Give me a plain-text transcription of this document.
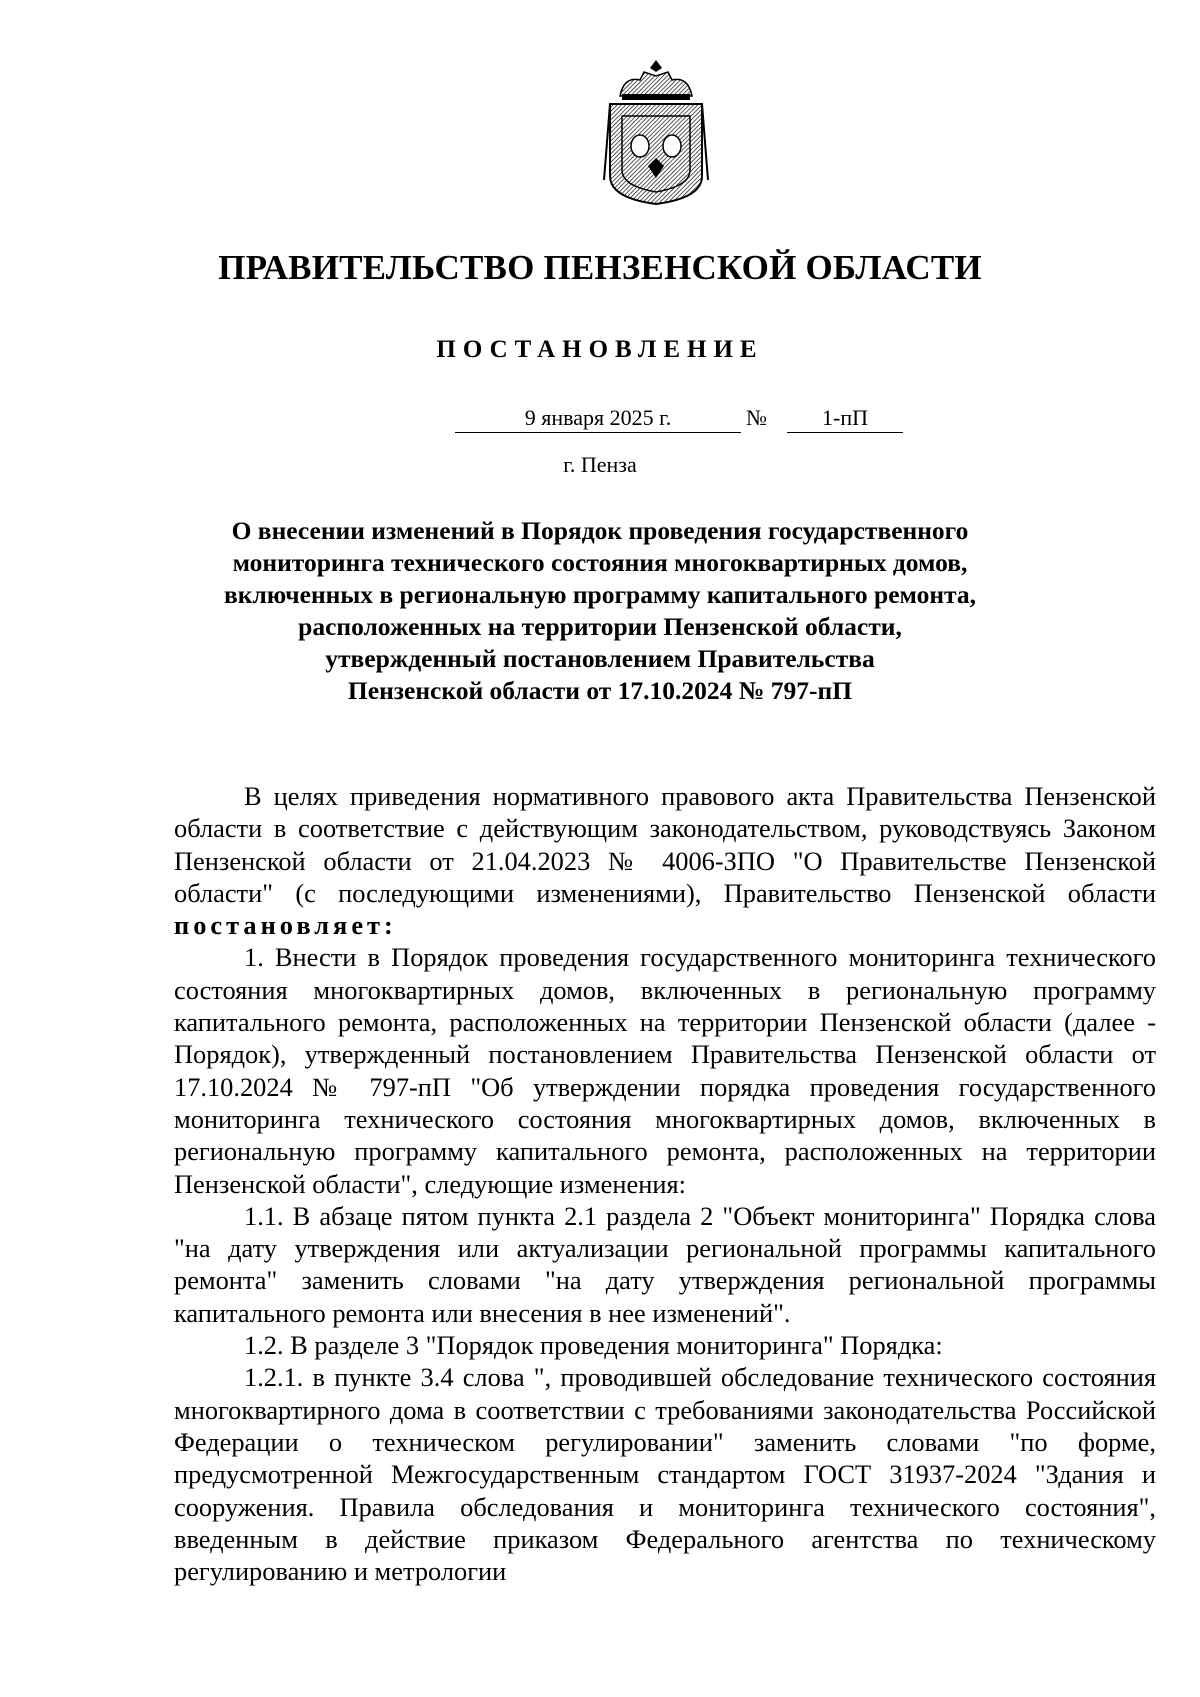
ПРАВИТЕЛЬСТВО ПЕНЗЕНСКОЙ ОБЛАСТИ
ПОСТАНОВЛЕНИЕ
9 января 2025 г.	№	1-пП
г. Пенза
О внесении изменений в Порядок проведения государственного
мониторинга технического состояния многоквартирных домов,
включенных в региональную программу капитального ремонта,
расположенных на территории Пензенской области,
утвержденный постановлением Правительства
Пензенской области от 17.10.2024 № 797-пП

В целях приведения нормативного правового акта Правительства Пензенской области в соответствие с действующим законодательством, руководствуясь Законом Пензенской области от 21.04.2023 № 4006-ЗПО "О Правительстве Пензенской области" (с последующими изменениями), Правительство Пензенской области постановляет:

1. Внести в Порядок проведения государственного мониторинга технического состояния многоквартирных домов, включенных в региональную программу капитального ремонта, расположенных на территории Пензенской области (далее - Порядок), утвержденный постановлением Правительства Пензенской области от 17.10.2024 № 797-пП "Об утверждении порядка проведения государственного мониторинга технического состояния многоквартирных домов, включенных в региональную программу капитального ремонта, расположенных на территории Пензенской области", следующие изменения:

1.1. В абзаце пятом пункта 2.1 раздела 2 "Объект мониторинга" Порядка слова "на дату утверждения или актуализации региональной программы капитального ремонта" заменить словами "на дату утверждения региональной программы капитального ремонта или внесения в нее изменений".

1.2. В разделе 3 "Порядок проведения мониторинга" Порядка:

1.2.1. в пункте 3.4 слова ", проводившей обследование технического состояния многоквартирного дома в соответствии с требованиями законодательства Российской Федерации о техническом регулировании" заменить словами "по форме, предусмотренной Межгосударственным стандартом ГОСТ 31937-2024 "Здания и сооружения. Правила обследования и мониторинга технического состояния", введенным в действие приказом Федерального агентства по техническому регулированию и метрологии
